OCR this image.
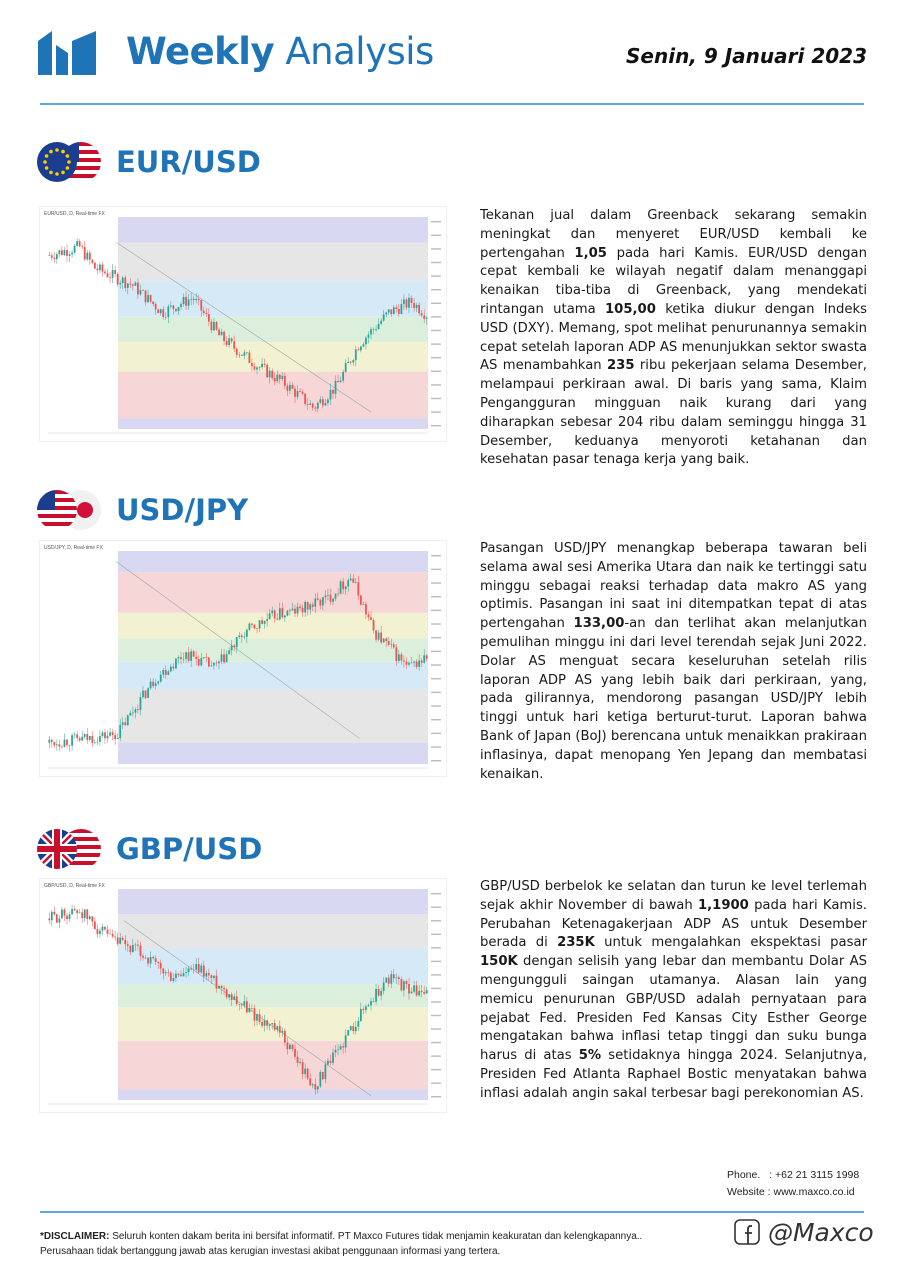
Weekly Analysis	Senin, 9 Januari 2023
EUR/USD
EUR/USD, D, Real-time FX	Tekanan jual dalam Greenback sekarang semakin meningkat dan menyeret EUR/USD kembali ke pertengahan 1,05 pada hari Kamis. EUR/USD dengan cepat kembali ke wilayah negatif dalam menanggapi kenaikan tiba-tiba di Greenback, yang mendekati rintangan utama 105,00 ketika diukur dengan Indeks USD (DXY). Memang, spot melihat penurunannya semakin cepat setelah laporan ADP AS menunjukkan sektor swasta AS menambahkan 235 ribu pekerjaan selama Desember, melampaui perkiraan awal. Di baris yang sama, Klaim Pengangguran mingguan naik kurang dari yang diharapkan sebesar 204 ribu dalam seminggu hingga 31 Desember, keduanya menyoroti ketahanan dan kesehatan pasar tenaga kerja yang baik.
USD/JPY
USD/JPY, D, Real-time FX	Pasangan USD/JPY menangkap beberapa tawaran beli selama awal sesi Amerika Utara dan naik ke tertinggi satu minggu sebagai reaksi terhadap data makro AS yang optimis. Pasangan ini saat ini ditempatkan tepat di atas pertengahan 133,00-an dan terlihat akan melanjutkan pemulihan minggu ini dari level terendah sejak Juni 2022. Dolar AS menguat secara keseluruhan setelah rilis laporan ADP AS yang lebih baik dari perkiraan, yang, pada gilirannya, mendorong pasangan USD/JPY lebih tinggi untuk hari ketiga berturut-turut. Laporan bahwa Bank of Japan (BoJ) berencana untuk menaikkan prakiraan inflasinya, dapat menopang Yen Jepang dan membatasi kenaikan.
GBP/USD
GBP/USD, D, Real-time FX	GBP/USD berbelok ke selatan dan turun ke level terlemah sejak akhir November di bawah 1,1900 pada hari Kamis. Perubahan Ketenagakerjaan ADP AS untuk Desember berada di 235K untuk mengalahkan ekspektasi pasar 150K dengan selisih yang lebar dan membantu Dolar AS mengungguli saingan utamanya. Alasan lain yang memicu penurunan GBP/USD adalah pernyataan para pejabat Fed. Presiden Fed Kansas City Esther George mengatakan bahwa inflasi tetap tinggi dan suku bunga harus di atas 5% setidaknya hingga 2024. Selanjutnya, Presiden Fed Atlanta Raphael Bostic menyatakan bahwa inflasi adalah angin sakal terbesar bagi perekonomian AS.
Phone. : +62 21 3115 1998
Website : www.maxco.co.id
*DISCLAIMER: Seluruh konten dakam berita ini bersifat informatif. PT Maxco Futures tidak menjamin keakuratan dan kelengkapannya..
Perusahaan tidak bertanggung jawab atas kerugian investasi akibat penggunaan informasi yang tertera.
@Maxco
